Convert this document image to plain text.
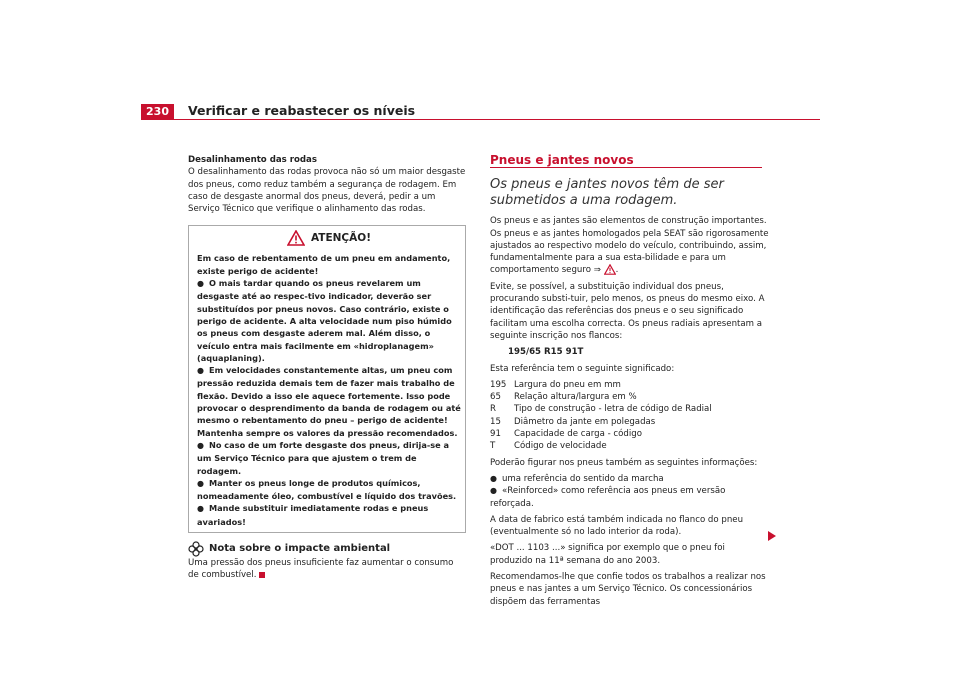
230	Verificar e reabastecer os níveis

Desalinhamento das rodas

O desalinhamento das rodas provoca não só um maior desgaste dos pneus, como reduz também a segurança de rodagem. Em caso de desgaste anormal dos pneus, deverá, pedir a um Serviço Técnico que verifique o alinhamento das rodas.

ATENÇÃO!

Em caso de rebentamento de um pneu em andamento, existe perigo de acidente!

● O mais tardar quando os pneus revelarem um desgaste até ao respec-tivo indicador, deverão ser substituídos por pneus novos. Caso contrário, existe o perigo de acidente. A alta velocidade num piso húmido os pneus com desgaste aderem mal. Além disso, o veículo entra mais facilmente em «hidroplanagem» (aquaplaning).

● Em velocidades constantemente altas, um pneu com pressão reduzida demais tem de fazer mais trabalho de flexão. Devido a isso ele aquece fortemente. Isso pode provocar o desprendimento da banda de rodagem ou até mesmo o rebentamento do pneu – perigo de acidente! Mantenha sempre os valores da pressão recomendados.

● No caso de um forte desgaste dos pneus, dirija-se a um Serviço Técnico para que ajustem o trem de rodagem.

● Manter os pneus longe de produtos químicos, nomeadamente óleo, combustível e líquido dos travões.

● Mande substituir imediatamente rodas e pneus avariados!

Nota sobre o impacte ambiental

Uma pressão dos pneus insuficiente faz aumentar o consumo de combustível.

Pneus e jantes novos

Os pneus e jantes novos têm de ser submetidos a uma rodagem.

Os pneus e as jantes são elementos de construção importantes. Os pneus e as jantes homologados pela SEAT são rigorosamente ajustados ao respectivo modelo do veículo, contribuindo, assim, fundamentalmente para a sua esta-bilidade e para um comportamento seguro ⇒ .

Evite, se possível, a substituição individual dos pneus, procurando substi-tuir, pelo menos, os pneus do mesmo eixo. A identificação das referências dos pneus e o seu significado facilitam uma escolha correcta. Os pneus radiais apresentam a seguinte inscrição nos flancos:

195/65 R15 91T

Esta referência tem o seguinte significado:

195 Largura do pneu em mm
65	Relação altura/largura em %
R	Tipo de construção - letra de código de Radial
15	Diâmetro da jante em polegadas
91	Capacidade de carga - código
T	Código de velocidade

Poderão figurar nos pneus também as seguintes informações:

● uma referência do sentido da marcha

● «Reinforced» como referência aos pneus em versão reforçada.

A data de fabrico está também indicada no flanco do pneu (eventualmente só no lado interior da roda).

«DOT ... 1103 ...» significa por exemplo que o pneu foi produzido na 11ª semana do ano 2003.

Recomendamos-lhe que confie todos os trabalhos a realizar nos pneus e nas jantes a um Serviço Técnico. Os concessionários dispõem das ferramentas
